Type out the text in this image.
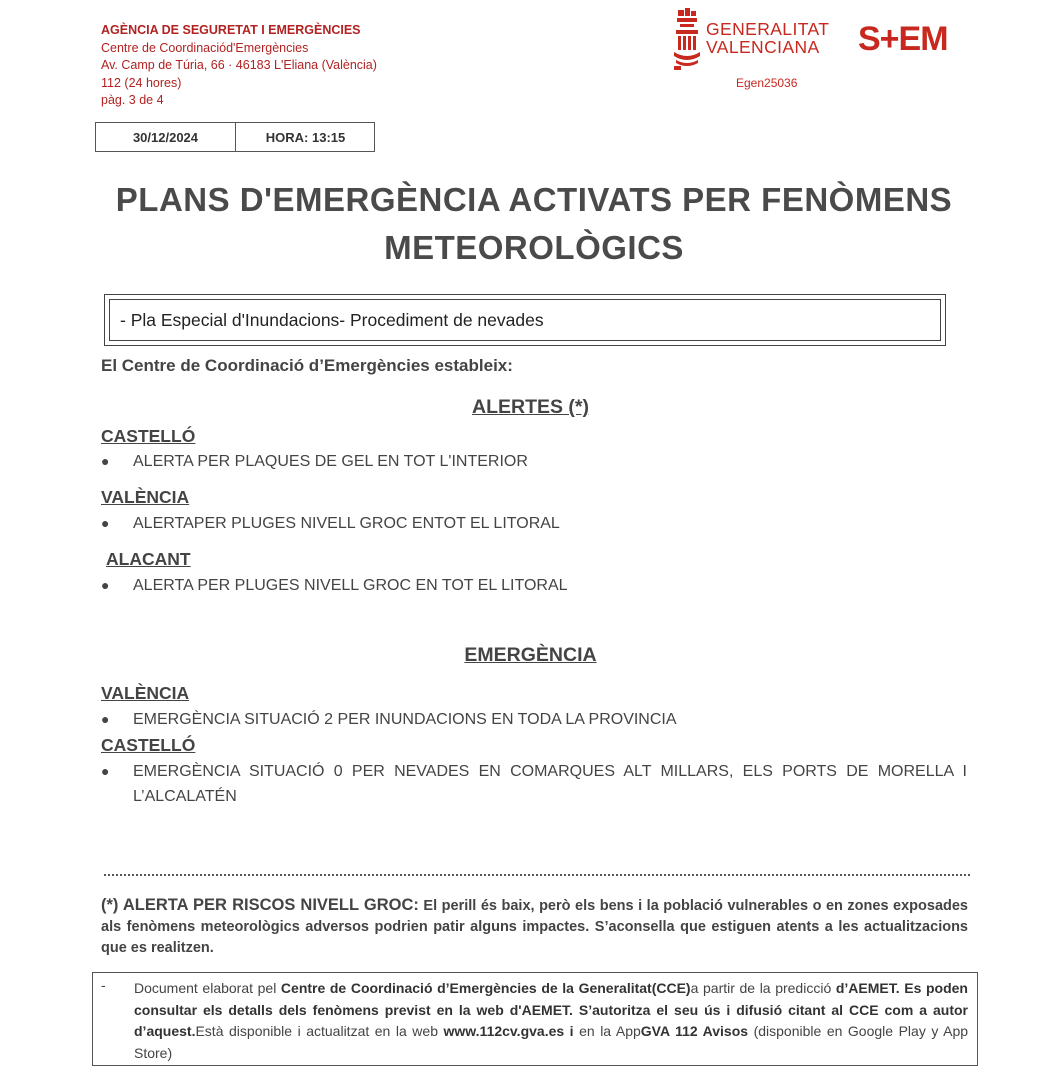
AGÈNCIA DE SEGURETAT I EMERGÈNCIES
Centre de Coordinaciód'Emergències
Av. Camp de Túria, 66 · 46183 L'Eliana (València)
112 (24 hores)
pàg. 3 de 4
GENERALITAT
VALENCIANA
Egen25036
S+EM
30/12/2024	HORA: 13:15
PLANS D'EMERGÈNCIA ACTIVATS PER FENÒMENS
METEOROLÒGICS
- Pla Especial d'Inundacions- Procediment de nevades
El Centre de Coordinació d’Emergències estableix:
ALERTES (*)
CASTELLÓ
●	ALERTA PER PLAQUES DE GEL EN TOT L'INTERIOR
VALÈNCIA
●	ALERTAPER PLUGES NIVELL GROC ENTOT EL LITORAL
ALACANT
●	ALERTA PER PLUGES NIVELL GROC EN TOT EL LITORAL
EMERGÈNCIA
VALÈNCIA
●	EMERGÈNCIA SITUACIÓ 2 PER INUNDACIONS EN TODA LA PROVINCIA
CASTELLÓ
●	EMERGÈNCIA SITUACIÓ 0 PER NEVADES EN COMARQUES ALT MILLARS, ELS PORTS DE MORELLA I L’ALCALATÉN
(*) ALERTA PER RISCOS NIVELL GROC: El perill és baix, però els bens i la població vulnerables o en zones exposades als fenòmens meteorològics adversos podrien patir alguns impactes. S’aconsella que estiguen atents a les actualitzacions que es realitzen.
- Document elaborat pel Centre de Coordinació d’Emergències de la Generalitat(CCE)a partir de la predicció d’AEMET. Es poden consultar els detalls dels fenòmens previst en la web d'AEMET. S’autoritza el seu ús i difusió citant al CCE com a autor d’aquest.Està disponible i actualitzat en la web www.112cv.gva.es i en la AppGVA 112 Avisos (disponible en Google Play y App Store)
